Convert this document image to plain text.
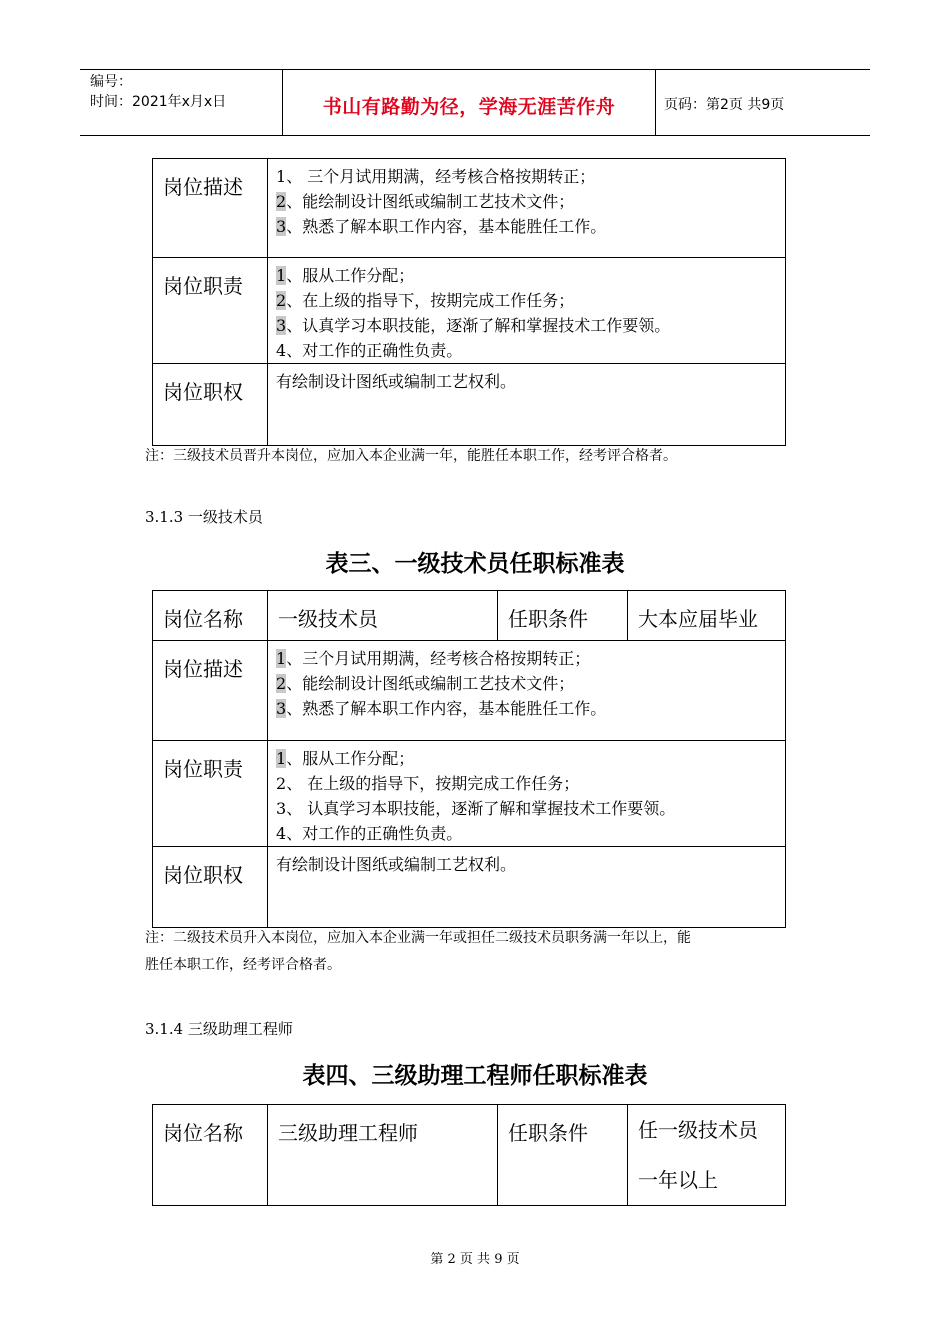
编号：
时间：2021年x月x日	书山有路勤为径，学海无涯苦作舟	页码：第2页 共9页
岗位描述	1、 三个月试用期满，经考核合格按期转正；
2、能绘制设计图纸或编制工艺技术文件；
3、熟悉了解本职工作内容，基本能胜任工作。

岗位职责	1、服从工作分配；
2、在上级的指导下，按期完成工作任务；
3、认真学习本职技能，逐渐了解和掌握技术工作要领。
4、对工作的正确性负责。

岗位职权	有绘制设计图纸或编制工艺权利。
注：三级技术员晋升本岗位，应加入本企业满一年，能胜任本职工作，经考评合格者。
3.1.3 一级技术员
表三、一级技术员任职标准表
岗位名称	一级技术员	任职条件	大本应届毕业
岗位描述	1、三个月试用期满，经考核合格按期转正；
2、能绘制设计图纸或编制工艺技术文件；
3、熟悉了解本职工作内容，基本能胜任工作。		

岗位职责	1、服从工作分配；
2、 在上级的指导下，按期完成工作任务；
3、 认真学习本职技能，逐渐了解和掌握技术工作要领。
4、对工作的正确性负责。		

岗位职权	有绘制设计图纸或编制工艺权利。		
注：二级技术员升入本岗位，应加入本企业满一年或担任二级技术员职务满一年以上，能
胜任本职工作，经考评合格者。
3.1.4 三级助理工程师
表四、三级助理工程师任职标准表
岗位名称	三级助理工程师	任职条件	任一级技术员
一年以上
第 2 页 共 9 页
